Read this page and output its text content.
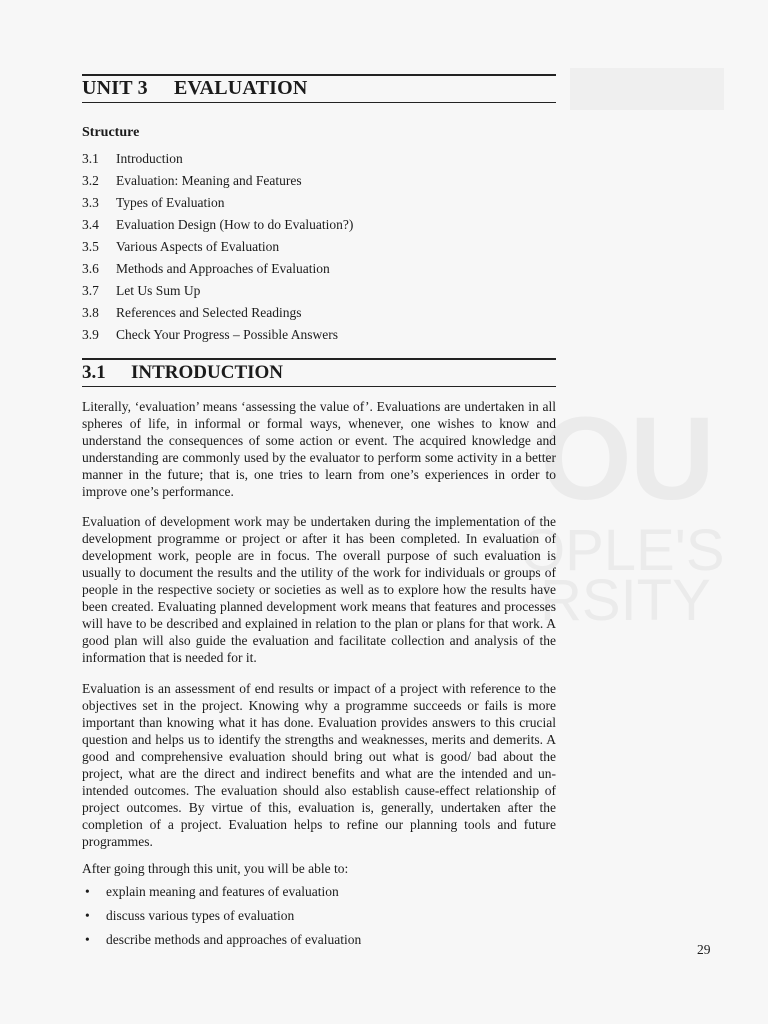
OU
OPLE'S
RSITY
UNIT 3 EVALUATION
Structure
3.1 Introduction
3.2 Evaluation: Meaning and Features
3.3 Types of Evaluation
3.4 Evaluation Design (How to do Evaluation?)
3.5 Various Aspects of Evaluation
3.6 Methods and Approaches of Evaluation
3.7 Let Us Sum Up
3.8 References and Selected Readings
3.9 Check Your Progress – Possible Answers
3.1 INTRODUCTION

Literally, ‘evaluation’ means ‘assessing the value of’. Evaluations are undertaken in all spheres of life, in informal or formal ways, whenever, one wishes to know and understand the consequences of some action or event. The acquired knowledge and understanding are commonly used by the evaluator to perform some activity in a better manner in the future; that is, one tries to learn from one’s experiences in order to improve one’s performance.

Evaluation of development work may be undertaken during the implementation of the development programme or project or after it has been completed. In evaluation of development work, people are in focus. The overall purpose of such evaluation is usually to document the results and the utility of the work for individuals or groups of people in the respective society or societies as well as to explore how the results have been created. Evaluating planned development work means that features and processes will have to be described and explained in relation to the plan or plans for that work. A good plan will also guide the evaluation and facilitate collection and analysis of the information that is needed for it.

Evaluation is an assessment of end results or impact of a project with reference to the objectives set in the project. Knowing why a programme succeeds or fails is more important than knowing what it has done. Evaluation provides answers to this crucial question and helps us to identify the strengths and weaknesses, merits and demerits. A good and comprehensive evaluation should bring out what is good/ bad about the project, what are the direct and indirect benefits and what are the intended and un-intended outcomes. The evaluation should also establish cause-effect relationship of project outcomes. By virtue of this, evaluation is, generally, undertaken after the completion of a project. Evaluation helps to refine our planning tools and future programmes.

After going through this unit, you will be able to:

• explain meaning and features of evaluation
• discuss various types of evaluation
• describe methods and approaches of evaluation
29
